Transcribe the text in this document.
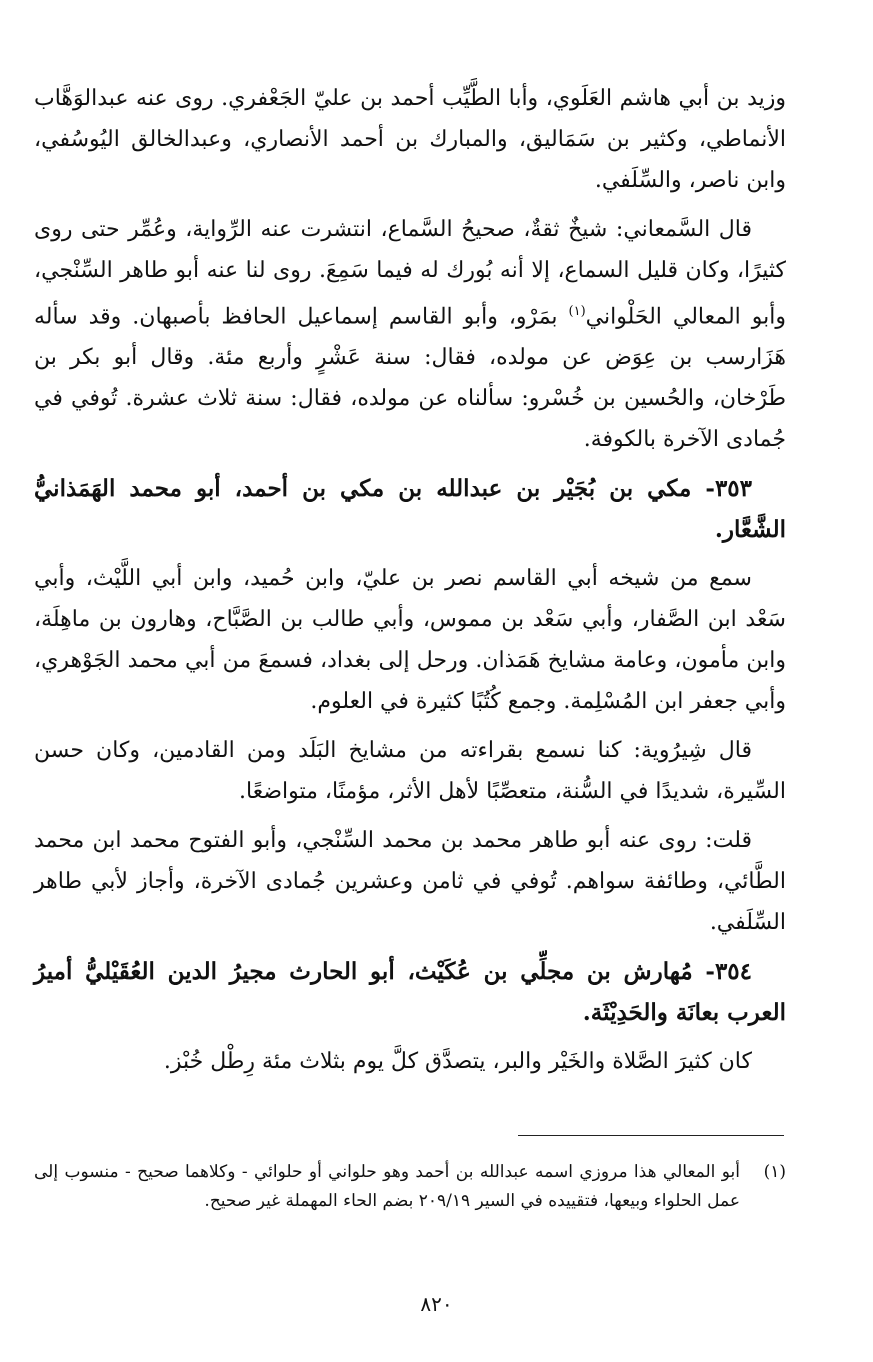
وزيد بن أبي هاشم العَلَوي، وأبا الطَّيِّب أحمد بن عليّ الجَعْفري. روى عنه عبدالوَهَّاب الأنماطي، وكثير بن سَمَاليق، والمبارك بن أحمد الأنصاري، وعبدالخالق اليُوسُفي، وابن ناصر، والسِّلَفي.

قال السَّمعاني: شيخٌ ثقةٌ، صحيحُ السَّماع، انتشرت عنه الرِّواية، وعُمِّر حتى روى كثيرًا، وكان قليل السماع، إلا أنه بُورك له فيما سَمِعَ. روى لنا عنه أبو طاهر السِّنْجي، وأبو المعالي الحَلْواني$^{(١)}$ بمَرْو، وأبو القاسم إسماعيل الحافظ بأصبهان. وقد سأله هَزَارسب بن عِوَض عن مولده، فقال: سنة عَشْرٍ وأربع مئة. وقال أبو بكر بن طَرْخان، والحُسين بن خُسْرو: سألناه عن مولده، فقال: سنة ثلاث عشرة. تُوفي في جُمادى الآخرة بالكوفة.

٣٥٣- مكي بن بُجَيْر بن عبدالله بن مكي بن أحمد، أبو محمد الهَمَذانيُّ الشَّعَّار.

سمع من شيخه أبي القاسم نصر بن عليّ، وابن حُميد، وابن أبي اللَّيْث، وأبي سَعْد ابن الصَّفار، وأبي سَعْد بن مموس، وأبي طالب بن الصَّبَّاح، وهارون بن ماهِلَة، وابن مأمون، وعامة مشايخ هَمَذان. ورحل إلى بغداد، فسمعَ من أبي محمد الجَوْهري، وأبي جعفر ابن المُسْلِمة. وجمع كُتُبًا كثيرة في العلوم.

قال شِيرُوية: كنا نسمع بقراءته من مشايخ البَلَد ومن القادمين، وكان حسن السِّيرة، شديدًا في السُّنة، متعصِّبًا لأهل الأثر، مؤمنًا، متواضعًا.

قلت: روى عنه أبو طاهر محمد بن محمد السِّنْجي، وأبو الفتوح محمد ابن محمد الطَّائي، وطائفة سواهم. تُوفي في ثامن وعشرين جُمادى الآخرة، وأجاز لأبي طاهر السِّلَفي.

٣٥٤- مُهارش بن مجلِّي بن عُكَيْث، أبو الحارث مجيرُ الدين العُقَيْليُّ أميرُ العرب بعانَة والحَدِيْثَة.

كان كثيرَ الصَّلاة والخَيْر والبر، يتصدَّق كلَّ يوم بثلاث مئة رِطْل خُبْز.

(١)
أبو المعالي هذا مروزي اسمه عبدالله بن أحمد وهو حلواني أو حلوائي - وكلاهما صحيح - منسوب إلى عمل الحلواء وبيعها، فتقييده في السير ٢٠٩/١٩ بضم الحاء المهملة غير صحيح.
٨٢٠
